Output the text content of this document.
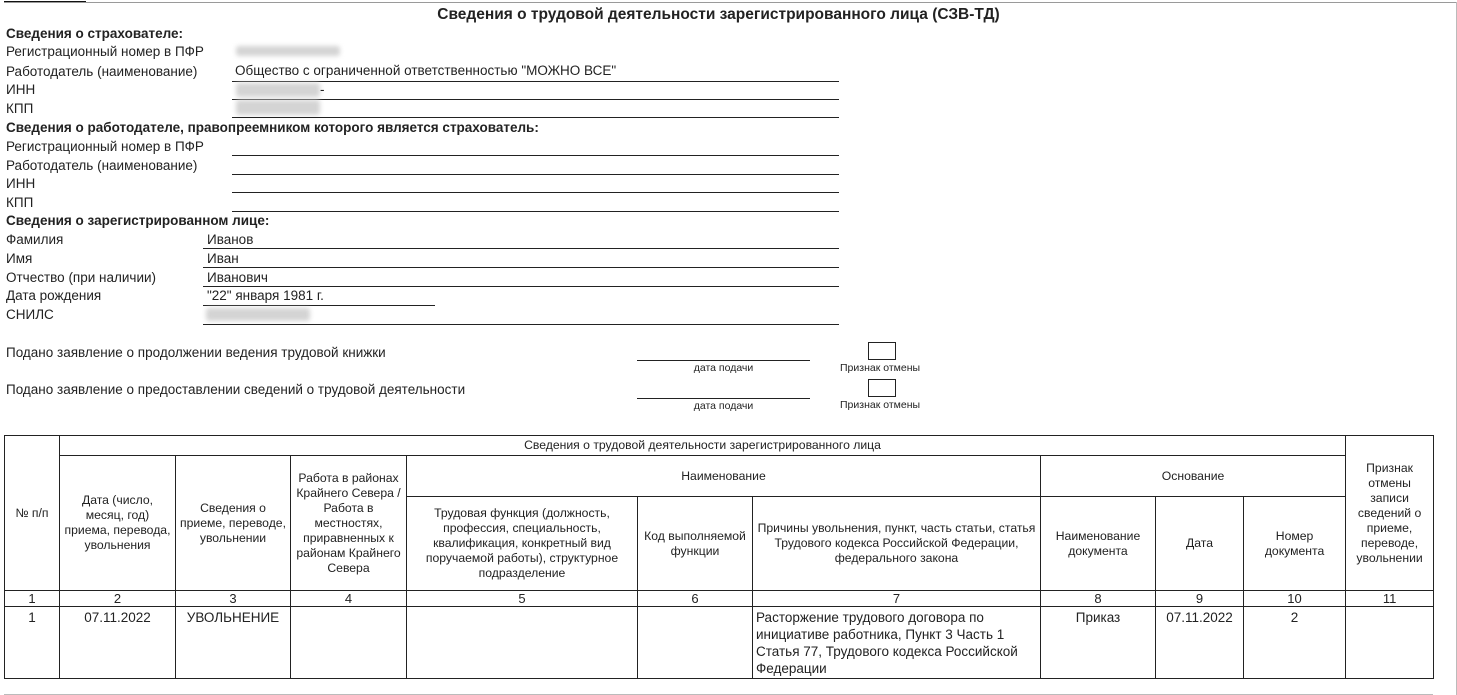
Сведения о трудовой деятельности зарегистрированного лица (СЗВ-ТД)
Сведения о страхователе:
Регистрационный номер в ПФР
Работодатель (наименование)	Общество с ограниченной ответственностью "МОЖНО ВСЕ"
ИНН	-
КПП
Сведения о работодателе, правопреемником которого является страхователь:
Регистрационный номер в ПФР
Работодатель (наименование)
ИНН
КПП
Сведения о зарегистрированном лице:
Фамилия	Иванов
Имя	Иван
Отчество (при наличии)	Иванович
Дата рождения	"22" января 1981 г.
СНИЛС
Подано заявление о продолжении ведения трудовой книжки
дата подачи	Признак отмены
Подано заявление о предоставлении сведений о трудовой деятельности
дата подачи	Признак отмены
№ п/п	Сведения о трудовой деятельности зарегистрированного лица									Признак отмены записи сведений о приеме, переводе, увольнении
	Дата (число, месяц, год) приема, перевода, увольнения	Сведения о приеме, переводе, увольнении	Работа в районах Крайнего Севера / Работа в местностях, приравненных к районам Крайнего Севера	Наименование			Основание			
				Трудовая функция (должность, профессия, специальность, квалификация, конкретный вид поручаемой работы), структурное подразделение	Код выполняемой функции	Причины увольнения, пункт, часть статьи, статья Трудового кодекса Российской Федерации, федерального закона	Наименование документа	Дата	Номер документа	
1	2	3	4	5	6	7	8	9	10	11
1	07.11.2022	УВОЛЬНЕНИЕ				Расторжение трудового договора по инициативе работника, Пункт 3 Часть 1 Статья 77, Трудового кодекса Российской Федерации	Приказ	07.11.2022	2	
